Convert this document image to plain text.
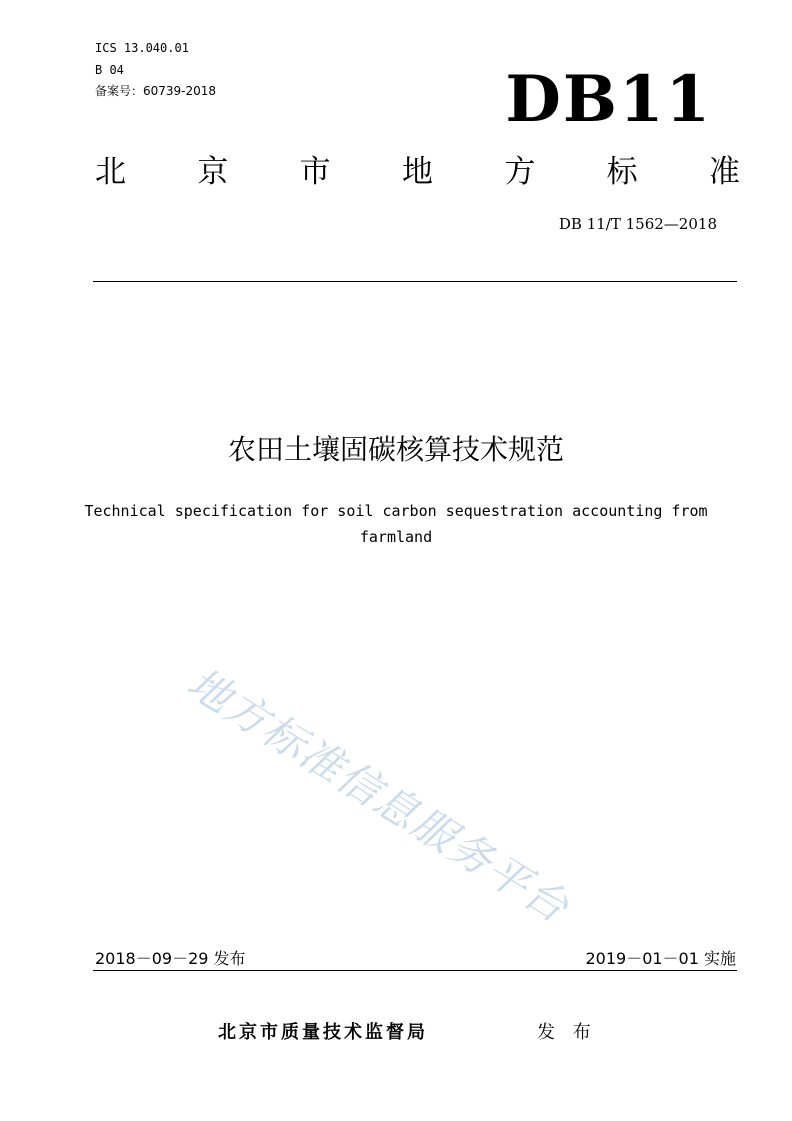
ICS 13.040.01
B 04
备案号：60739-2018	DB11
北 京 市 地 方 标 准
DB 11/T 1562—2018
农田土壤固碳核算技术规范
Technical specification for soil carbon sequestration accounting from
farmland
地方标准信息服务平台
2018－09－29 发布	2019－01－01 实施
北京市质量技术监督局	发 布
